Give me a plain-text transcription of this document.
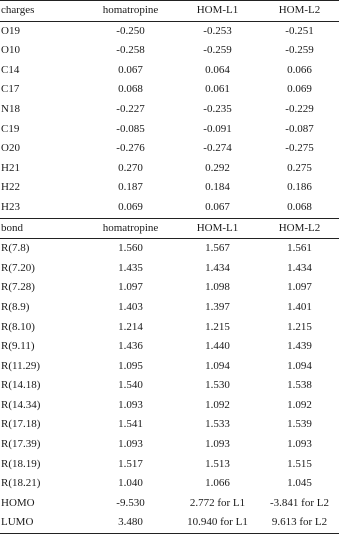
charges	homatropine	HOM-L1	HOM-L2
O19	-0.250	-0.253	-0.251
O10	-0.258	-0.259	-0.259
C14	0.067	0.064	0.066
C17	0.068	0.061	0.069
N18	-0.227	-0.235	-0.229
C19	-0.085	-0.091	-0.087
O20	-0.276	-0.274	-0.275
H21	0.270	0.292	0.275
H22	0.187	0.184	0.186
H23	0.069	0.067	0.068
bond	homatropine	HOM-L1	HOM-L2
R(7.8)	1.560	1.567	1.561
R(7.20)	1.435	1.434	1.434
R(7.28)	1.097	1.098	1.097
R(8.9)	1.403	1.397	1.401
R(8.10)	1.214	1.215	1.215
R(9.11)	1.436	1.440	1.439
R(11.29)	1.095	1.094	1.094
R(14.18)	1.540	1.530	1.538
R(14.34)	1.093	1.092	1.092
R(17.18)	1.541	1.533	1.539
R(17.39)	1.093	1.093	1.093
R(18.19)	1.517	1.513	1.515
R(18.21)	1.040	1.066	1.045
HOMO	-9.530	2.772 for L1	-3.841 for L2
LUMO	3.480	10.940 for L1	9.613 for L2
